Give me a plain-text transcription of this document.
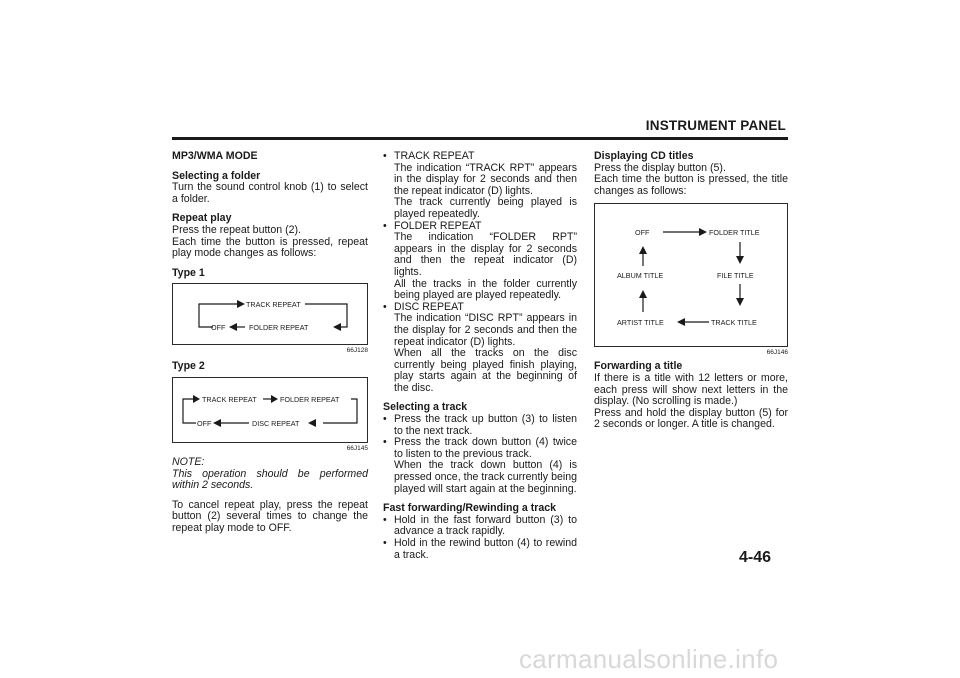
INSTRUMENT PANEL

MP3/WMA MODE

Selecting a folder

Turn the sound control knob (1) to select a folder.

Repeat play

Press the repeat button (2).

Each time the button is pressed, repeat play mode changes as follows:

Type 1

TRACK REPEAT
OFF	FOLDER REPEAT
66J128

Type 2

TRACK REPEAT	FOLDER REPEAT
OFF	DISC REPEAT
66J145

NOTE:

This operation should be performed within 2 seconds.

To cancel repeat play, press the repeat button (2) several times to change the repeat play mode to OFF.

• TRACK REPEAT

The indication “TRACK RPT” appears in the display for 2 seconds and then the repeat indicator (D) lights.

The track currently being played is played repeatedly.

• FOLDER REPEAT

The indication “FOLDER RPT” appears in the display for 2 seconds and then the repeat indicator (D) lights.

All the tracks in the folder currently being played are played repeatedly.

• DISC REPEAT

The indication “DISC RPT” appears in the display for 2 seconds and then the repeat indicator (D) lights.

When all the tracks on the disc currently being played finish playing, play starts again at the beginning of the disc.

Selecting a track

• Press the track up button (3) to listen to the next track.

• Press the track down button (4) twice to listen to the previous track.

When the track down button (4) is pressed once, the track currently being played will start again at the beginning.

Fast forwarding/Rewinding a track

• Hold in the fast forward button (3) to advance a track rapidly.

• Hold in the rewind button (4) to rewind a track.

Displaying CD titles

Press the display button (5).

Each time the button is pressed, the title changes as follows:

OFF	FOLDER TITLE
ALBUM TITLE	FILE TITLE
ARTIST TITLE	TRACK TITLE
66J146

Forwarding a title

If there is a title with 12 letters or more, each press will show next letters in the display. (No scrolling is made.)

Press and hold the display button (5) for 2 seconds or longer. A title is changed.

4-46
carmanualsonline.info
